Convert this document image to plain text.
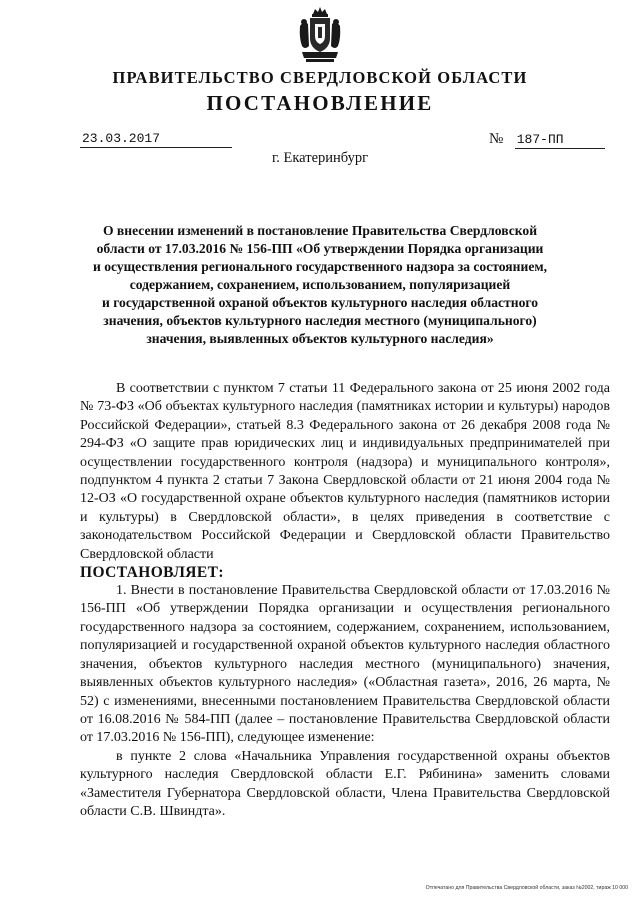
ПРАВИТЕЛЬСТВО СВЕРДЛОВСКОЙ ОБЛАСТИ
ПОСТАНОВЛЕНИЕ
23.03.2017	№ 187-ПП
г. Екатеринбург
О внесении изменений в постановление Правительства Свердловской
области от 17.03.2016 № 156-ПП «Об утверждении Порядка организации
и осуществления регионального государственного надзора за состоянием,
содержанием, сохранением, использованием, популяризацией
и государственной охраной объектов культурного наследия областного
значения, объектов культурного наследия местного (муниципального)
значения, выявленных объектов культурного наследия»

В соответствии с пунктом 7 статьи 11 Федерального закона от 25 июня 2002 года № 73-ФЗ «Об объектах культурного наследия (памятниках истории и культуры) народов Российской Федерации», статьей 8.3 Федерального закона от 26 декабря 2008 года № 294-ФЗ «О защите прав юридических лиц и индивидуальных предпринимателей при осуществлении государственного контроля (надзора) и муниципального контроля», подпунктом 4 пункта 2 статьи 7 Закона Свердловской области от 21 июня 2004 года № 12-ОЗ «О государственной охране объектов культурного наследия (памятников истории и культуры) в Свердловской области», в целях приведения в соответствие с законодательством Российской Федерации и Свердловской области Правительство Свердловской области

ПОСТАНОВЛЯЕТ:

1. Внести в постановление Правительства Свердловской области от 17.03.2016 № 156-ПП «Об утверждении Порядка организации и осуществления регионального государственного надзора за состоянием, содержанием, сохранением, использованием, популяризацией и государственной охраной объектов культурного наследия областного значения, объектов культурного наследия местного (муниципального) значения, выявленных объектов культурного наследия» («Областная газета», 2016, 26 марта, № 52) с изменениями, внесенными постановлением Правительства Свердловской области от 16.08.2016 № 584-ПП (далее – постановление Правительства Свердловской области от 17.03.2016 № 156-ПП), следующее изменение:

в пункте 2 слова «Начальника Управления государственной охраны объектов культурного наследия Свердловской области Е.Г. Рябинина» заменить словами «Заместителя Губернатора Свердловской области, Члена Правительства Свердловской области С.В. Швиндта».

Отпечатано для Правительства Свердловской области, заказ №2002, тираж 10 000
